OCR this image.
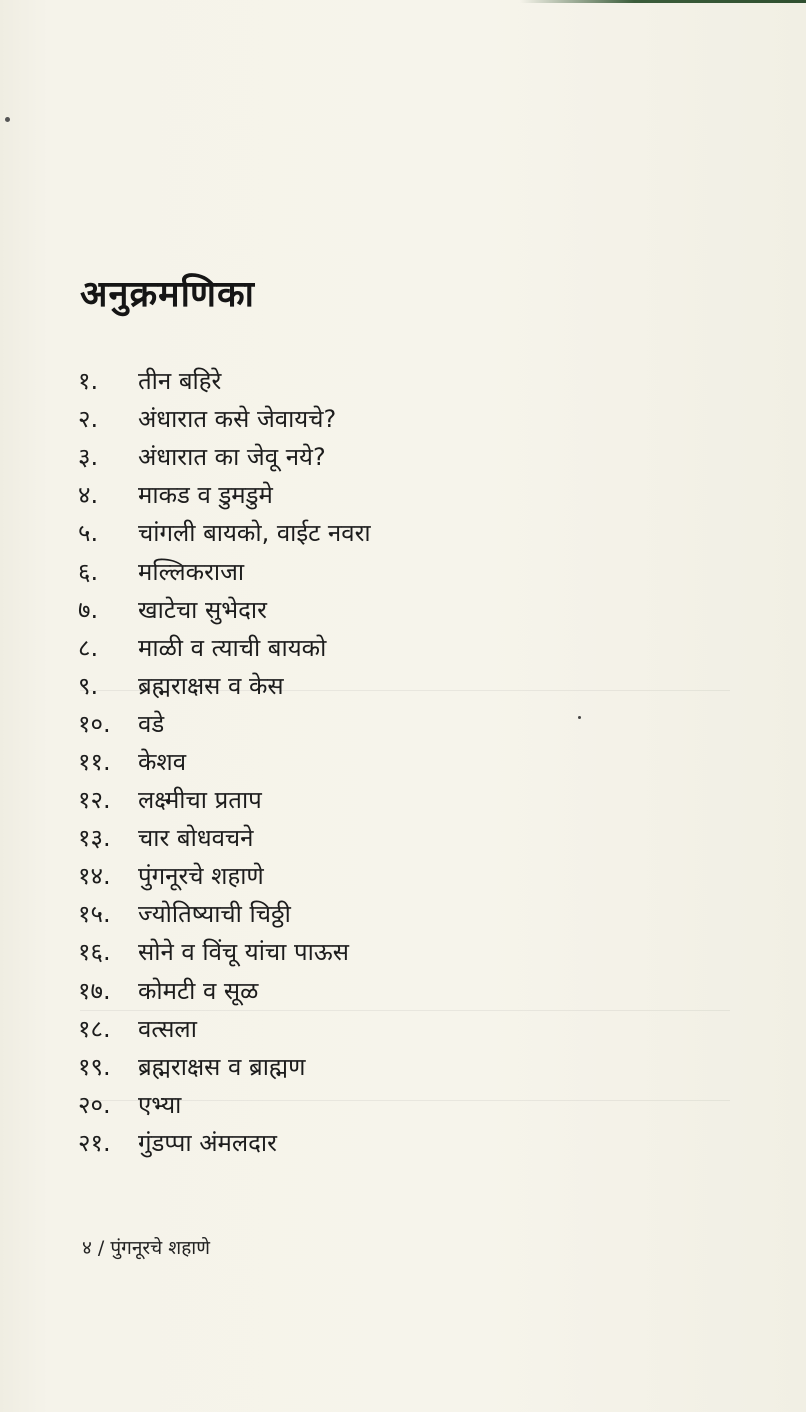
अनुक्रमणिका
१.	तीन बहिरे
२.	अंधारात कसे जेवायचे?
३.	अंधारात का जेवू नये?
४.	माकड व डुमडुमे
५.	चांगली बायको, वाईट नवरा
६.	मल्लिकराजा
७.	खाटेचा सुभेदार
८.	माळी व त्याची बायको
९.	ब्रह्मराक्षस व केस
१०.	वडे
११.	केशव
१२.	लक्ष्मीचा प्रताप
१३.	चार बोधवचने
१४.	पुंगनूरचे शहाणे
१५.	ज्योतिष्याची चिठ्ठी
१६.	सोने व विंचू यांचा पाऊस
१७.	कोमटी व सूळ
१८.	वत्सला
१९.	ब्रह्मराक्षस व ब्राह्मण
२०.	एभ्या
२१.	गुंडप्पा अंमलदार
४ / पुंगनूरचे शहाणे
